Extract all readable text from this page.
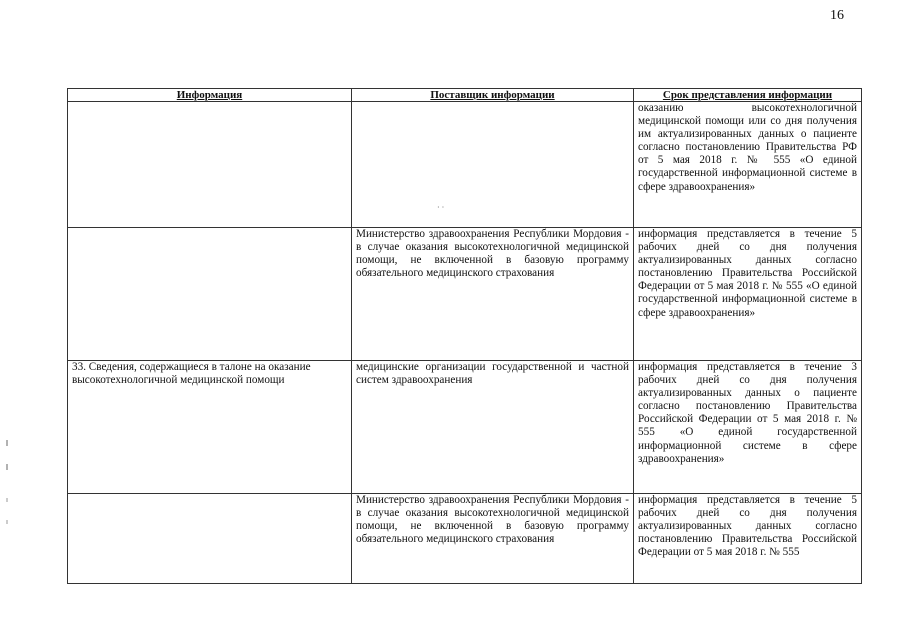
16
Информация	Поставщик информации	Срок представления информации
		оказанию высокотехнологичной медицинской помощи или со дня получения им актуализированных данных о пациенте согласно постановлению Правительства РФ от 5 мая 2018 г. № 555 «О единой государственной информационной системе в сфере здравоохранения»
	Министерство здравоохранения Республики Мордовия - в случае оказания высокотехнологичной медицинской помощи, не включенной в базовую программу обязательного медицинского страхования	информация представляется в течение 5 рабочих дней со дня получения актуализированных данных согласно постановлению Правительства Российской Федерации от 5 мая 2018 г. № 555 «О единой государственной информационной системе в сфере здравоохранения»
33. Сведения, содержащиеся в талоне на оказание высокотехнологичной медицинской помощи	медицинские организации государственной и частной систем здравоохранения	информация представляется в течение 3 рабочих дней со дня получения актуализированных данных о пациенте согласно постановлению Правительства Российской Федерации от 5 мая 2018 г. № 555 «О единой государственной информационной системе в сфере здравоохранения»
	Министерство здравоохранения Республики Мордовия - в случае оказания высокотехнологичной медицинской помощи, не включенной в базовую программу обязательного медицинского страхования	информация представляется в течение 5 рабочих дней со дня получения актуализированных данных согласно постановлению Правительства Российской Федерации от 5 мая 2018 г. № 555
· ·
